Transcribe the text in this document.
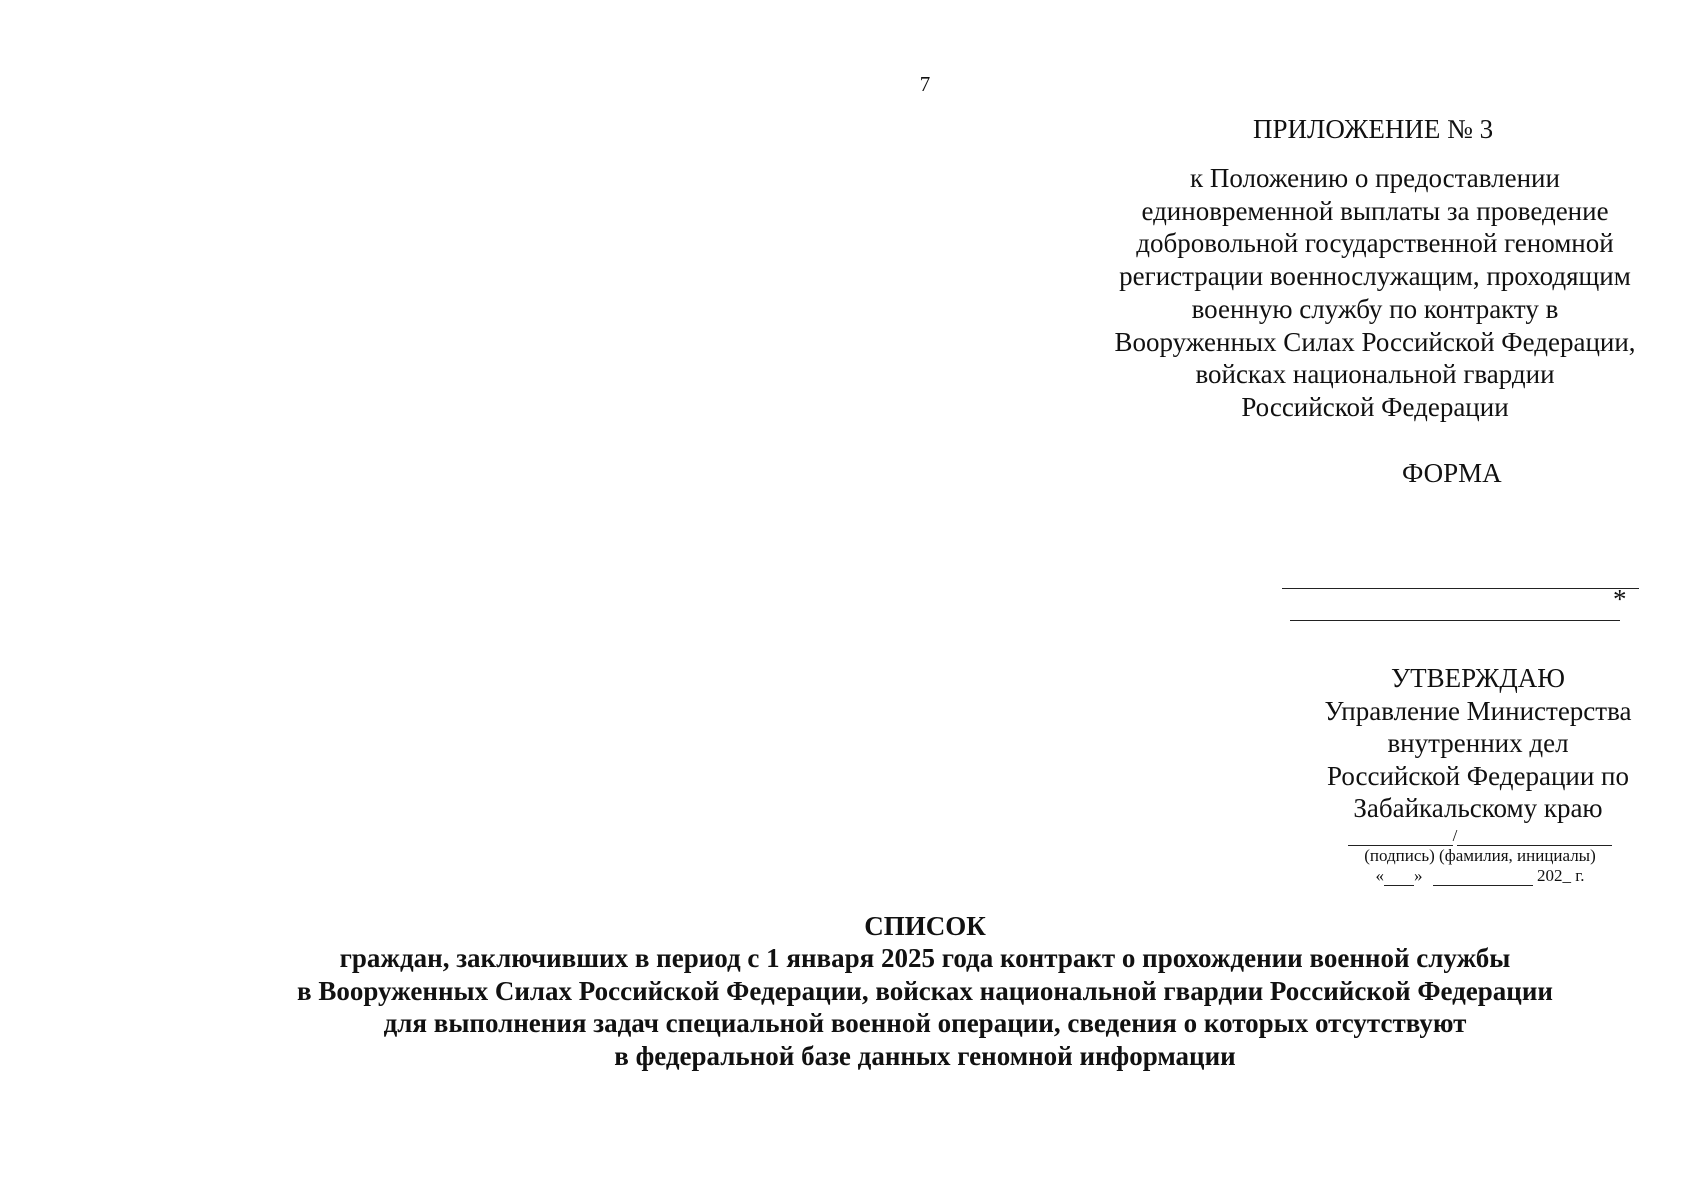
7
ПРИЛОЖЕНИЕ № 3
к Положению о предоставлении
единовременной выплаты за проведение
добровольной государственной геномной
регистрации военнослужащим, проходящим
военную службу по контракту в
Вооруженных Силах Российской Федерации,
войсках национальной гвардии
Российской Федерации
ФОРМА
*
УТВЕРЖДАЮ
Управление Министерства
внутренних дел
Российской Федерации по
Забайкальскому краю
/
(подпись) (фамилия, инициалы)
« »	202_ г.
СПИСОК
граждан, заключивших в период с 1 января 2025 года контракт о прохождении военной службы
в Вооруженных Силах Российской Федерации, войсках национальной гвардии Российской Федерации
для выполнения задач специальной военной операции, сведения о которых отсутствуют
в федеральной базе данных геномной информации
